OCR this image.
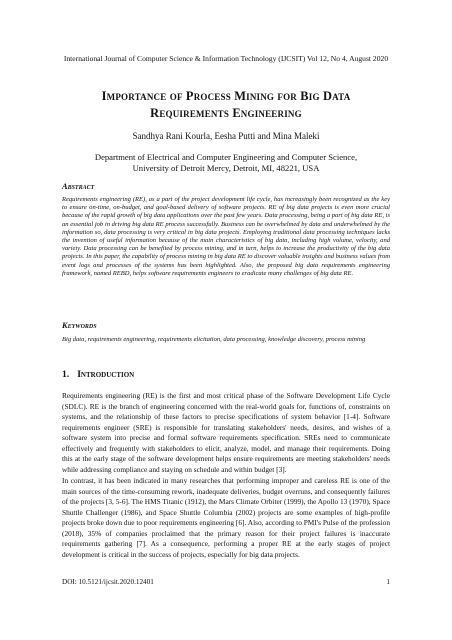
International Journal of Computer Science & Information Technology (IJCSIT) Vol 12, No 4, August 2020
Importance of Process Mining for Big Data
Requirements Engineering
Sandhya Rani Kourla, Eesha Putti and Mina Maleki
Department of Electrical and Computer Engineering and Computer Science,
University of Detroit Mercy, Detroit, MI, 48221, USA
Abstract
Requirements engineering (RE), as a part of the project development life cycle, has increasingly been recognized as the key to ensure on-time, on-budget, and goal-based delivery of software projects. RE of big data projects is even more crucial because of the rapid growth of big data applications over the past few years. Data processing, being a part of big data RE, is an essential job in driving big data RE process successfully. Business can be overwhelmed by data and underwhelmed by the information so, data processing is very critical in big data projects. Employing traditional data processing techniques lacks the invention of useful information because of the main characteristics of big data, including high volume, velocity, and variety. Data processing can be benefited by process mining, and in turn, helps to increase the productivity of the big data projects. In this paper, the capability of process mining in big data RE to discover valuable insights and business values from event logs and processes of the systems has been highlighted. Also, the proposed big data requirements engineering framework, named REBD, helps software requirements engineers to eradicate many challenges of big data RE.
Keywords
Big data, requirements engineering, requirements elicitation, data processing, knowledge discovery, process mining
1. Introduction
Requirements engineering (RE) is the first and most critical phase of the Software Development Life Cycle (SDLC). RE is the branch of engineering concerned with the real-world goals for, functions of, constraints on systems, and the relationship of these factors to precise specifications of system behavior [1-4]. Software requirements engineer (SRE) is responsible for translating stakeholders' needs, desires, and wishes of a software system into precise and formal software requirements specification. SREs need to communicate effectively and frequently with stakeholders to elicit, analyze, model, and manage their requirements. Doing this at the early stage of the software development helps ensure requirements are meeting stakeholders' needs while addressing compliance and staying on schedule and within budget [3].
In contrast, it has been indicated in many researches that performing improper and careless RE is one of the main sources of the time-consuming rework, inadequate deliveries, budget overruns, and consequently failures of the projects [3, 5-6]. The HMS Titanic (1912), the Mars Climate Orbiter (1999), the Apollo 13 (1970), Space Shuttle Challenger (1986), and Space Shuttle Columbia (2002) projects are some examples of high-profile projects broke down due to poor requirements engineering [6]. Also, according to PMI's Pulse of the profession (2018), 35% of companies proclaimed that the primary reason for their project failures is inaccurate requirements gathering [7]. As a consequence, performing a proper RE at the early stages of project development is critical in the success of projects, especially for big data projects.
DOI: 10.5121/ijcsit.2020.12401	1
